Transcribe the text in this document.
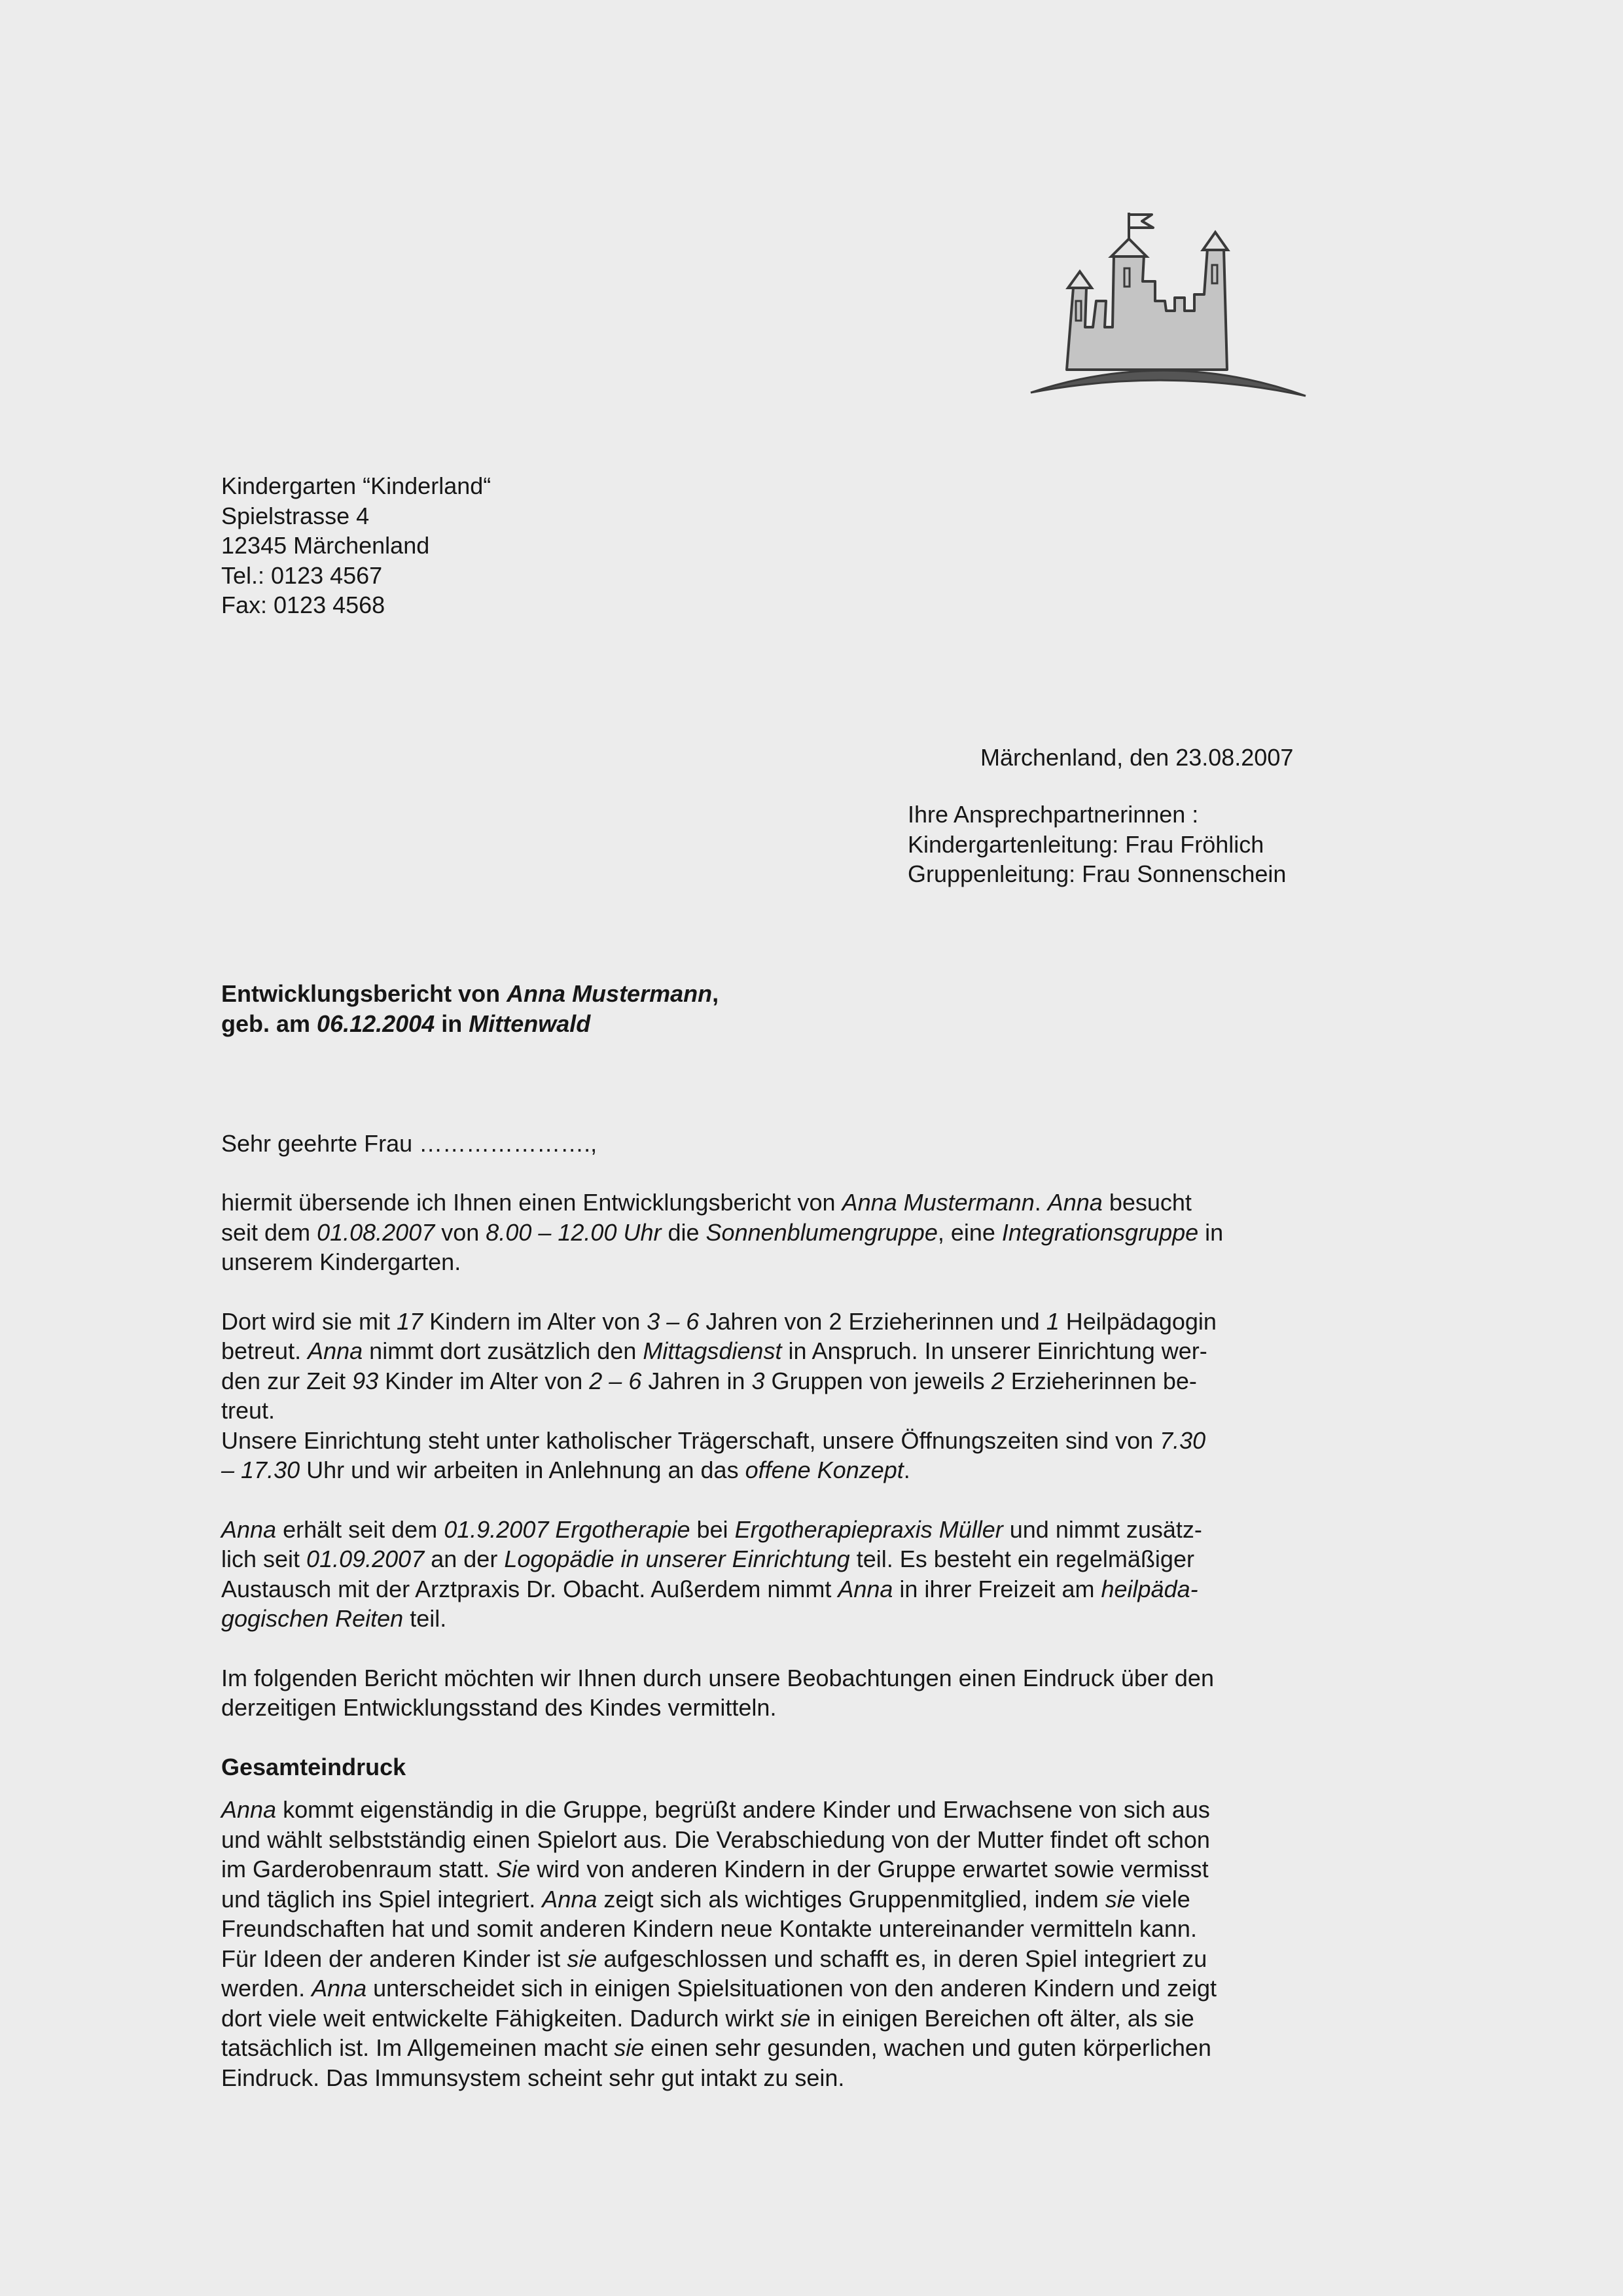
Kindergarten “Kinderland“
Spielstrasse 4
12345 Märchenland
Tel.: 0123 4567
Fax: 0123 4568
Märchenland, den 23.08.2007
Ihre Ansprechpartnerinnen :
Kindergartenleitung: Frau Fröhlich
Gruppenleitung: Frau Sonnenschein
Entwicklungsbericht von Anna Mustermann,
geb. am 06.12.2004 in Mittenwald
Sehr geehrte Frau ………………….,
hiermit übersende ich Ihnen einen Entwicklungsbericht von Anna Mustermann. Anna besucht
seit dem 01.08.2007 von 8.00 – 12.00 Uhr die Sonnenblumengruppe, eine Integrationsgruppe in
unserem Kindergarten.
Dort wird sie mit 17 Kindern im Alter von 3 – 6 Jahren von 2 Erzieherinnen und 1 Heilpädagogin
betreut. Anna nimmt dort zusätzlich den Mittagsdienst in Anspruch. In unserer Einrichtung wer-
den zur Zeit 93 Kinder im Alter von 2 – 6 Jahren in 3 Gruppen von jeweils 2 Erzieherinnen be-
treut.
Unsere Einrichtung steht unter katholischer Trägerschaft, unsere Öffnungszeiten sind von 7.30
– 17.30 Uhr und wir arbeiten in Anlehnung an das offene Konzept.
Anna erhält seit dem 01.9.2007 Ergotherapie bei Ergotherapiepraxis Müller und nimmt zusätz-
lich seit 01.09.2007 an der Logopädie in unserer Einrichtung teil. Es besteht ein regelmäßiger
Austausch mit der Arztpraxis Dr. Obacht. Außerdem nimmt Anna in ihrer Freizeit am heilpäda-
gogischen Reiten teil.
Im folgenden Bericht möchten wir Ihnen durch unsere Beobachtungen einen Eindruck über den
derzeitigen Entwicklungsstand des Kindes vermitteln.
Gesamteindruck
Anna kommt eigenständig in die Gruppe, begrüßt andere Kinder und Erwachsene von sich aus
und wählt selbstständig einen Spielort aus. Die Verabschiedung von der Mutter findet oft schon
im Garderobenraum statt. Sie wird von anderen Kindern in der Gruppe erwartet sowie vermisst
und täglich ins Spiel integriert. Anna zeigt sich als wichtiges Gruppenmitglied, indem sie viele
Freundschaften hat und somit anderen Kindern neue Kontakte untereinander vermitteln kann.
Für Ideen der anderen Kinder ist sie aufgeschlossen und schafft es, in deren Spiel integriert zu
werden. Anna unterscheidet sich in einigen Spielsituationen von den anderen Kindern und zeigt
dort viele weit entwickelte Fähigkeiten. Dadurch wirkt sie in einigen Bereichen oft älter, als sie
tatsächlich ist. Im Allgemeinen macht sie einen sehr gesunden, wachen und guten körperlichen
Eindruck. Das Immunsystem scheint sehr gut intakt zu sein.
